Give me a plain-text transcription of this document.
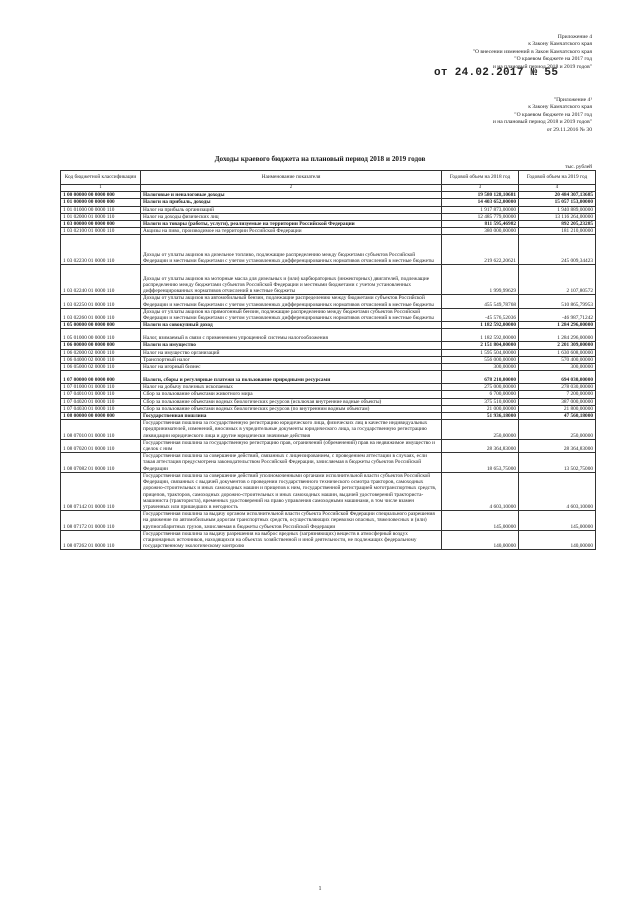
Приложение 4
к Закону Камчатского края
"О внесении изменений в Закон Камчатского края
"О краевом бюджете на 2017 год
и на плановый период 2018 и 2019 годов"
от 24.02.2017 № 55
"Приложение 4¹
к Закону Камчатского края
"О краевом бюджете на 2017 год
и на плановый период 2018 и 2019 годов"
от 29.11.2016 № 30
Доходы краевого бюджета на плановый период 2018 и 2019 годов
тыс. рублей
Код бюджетной классификации	Наименование показателя	Годовой объем на 2018 год	Годовой объем на 2019 год
1	2	3	4
1 00 00000 00 0000 000	Налоговые и неналоговые доходы	19 580 128,10681	20 484 307,13685
1 01 00000 00 0000 000	Налоги на прибыль, доходы	14 403 652,00000	15 057 153,00000
1 01 01000 00 0000 110	Налог на прибыль организаций	1 917 873,00000	1 940 889,00000
1 01 02000 01 0000 110	Налог на доходы физических лиц	12 485 779,00000	13 116 264,00000
1 03 00000 00 0000 000	Налоги на товары (работы, услуги), реализуемые на территории Российской Федерации	811 595,46982	892 205,23285
1 03 02100 01 0000 110	Акцизы на пиво, производимое на территории Российской Федерации	380 000,00000	181 210,00000
1 03 02230 01 0000 110	Доходы от уплаты акцизов на дизельное топливо, подлежащие распределению между бюджетами субъектов Российской Федерации и местными бюджетами с учетом установленных дифференцированных нормативов отчислений в местные бюджеты	219 622,20621	245 009,34423
1 03 02240 01 0000 110	Доходы от уплаты акцизов на моторные масла для дизельных и (или) карбюраторных (инжекторных) двигателей, подлежащие распределению между бюджетами субъектов Российской Федерации и местными бюджетами с учетом установленных дифференцированных нормативов отчислений в местные бюджеты	1 999,99629	2 107,80572
1 03 02250 01 0000 110	Доходы от уплаты акцизов на автомобильный бензин, подлежащие распределению между бюджетами субъектов Российской Федерации и местными бюджетами с учетом установленных дифференцированных нормативов отчислений в местные бюджеты	455 549,78768	510 865,79953
1 03 02260 01 0000 110	Доходы от уплаты акцизов на прямогонный бензин, подлежащие распределению между бюджетами субъектов Российской Федерации и местными бюджетами с учетом установленных дифференцированных нормативов отчислений в местные бюджеты	-45 576,52036	-46 987,71242
1 05 00000 00 0000 000	Налоги на совокупный доход	1 182 592,00000	1 284 296,00000
1 05 01000 00 0000 110	Налог, взимаемый в связи с применением упрощенной системы налогообложения	1 182 592,00000	1 284 296,00000
1 06 00000 00 0000 000	Налоги на имущество	2 151 804,00000	2 201 309,00000
1 06 02000 02 0000 110	Налог на имущество организаций	1 595 504,00000	1 630 608,00000
1 06 04000 02 0000 110	Транспортный налог	556 000,00000	570 400,00000
1 06 05000 02 0000 110	Налог на игорный бизнес	300,00000	300,00000
1 07 00000 00 0000 000	Налоги, сборы и регулярные платежи за пользование природными ресурсами	678 210,00000	694 030,00000
1 07 01000 01 0000 110	Налог на добычу полезных ископаемых	275 000,00000	278 030,00000
1 07 04010 01 0000 110	Сбор за пользование объектами животного мира	6 700,00000	7 200,00000
1 07 04020 01 0000 110	Сбор за пользование объектами водных биологических ресурсов (исключая внутренние водные объекты)	375 510,00000	387 000,00000
1 07 04030 01 0000 110	Сбор за пользование объектами водных биологических ресурсов (по внутренним водным объектам)	21 000,00000	21 800,00000
1 08 00000 00 0000 000	Государственная пошлина	51 936,18000	47 560,18000
1 08 07010 01 0000 110	Государственная пошлина за государственную регистрацию юридического лица, физических лиц в качестве индивидуальных предпринимателей, изменений, вносимых в учредительные документы юридического лица, за государственную регистрацию ликвидации юридического лица и другие юридически значимые действия	250,00000	250,00000
1 08 07020 01 0000 110	Государственная пошлина за государственную регистрацию прав, ограничений (обременений) прав на недвижимое имущество и сделок с ним	28 364,83000	28 364,83000
1 08 07082 01 0000 110	Государственная пошлина за совершение действий, связанных с лицензированием, с проведением аттестации в случаях, если такая аттестация предусмотрена законодательством Российской Федерации, зачисляемая в бюджеты субъектов Российской Федерации	18 653,75000	13 502,75000
1 08 07142 01 0000 110	Государственная пошлина за совершение действий уполномоченными органами исполнительной власти субъектов Российской Федерации, связанных с выдачей документов о проведении государственного технического осмотра тракторов, самоходных дорожно-строительных и иных самоходных машин и прицепов к ним, государственной регистрацией мототранспортных средств, прицепов, тракторов, самоходных дорожно-строительных и иных самоходных машин, выдачей удостоверений тракториста-машиниста (тракториста), временных удостоверений на право управления самоходными машинами, в том числе взамен утраченных или пришедших в негодность	4 603,10000	4 603,10000
1 08 07172 01 0000 110	Государственная пошлина за выдачу органом исполнительной власти субъекта Российской Федерации специального разрешения на движение по автомобильным дорогам транспортных средств, осуществляющих перевозки опасных, тяжеловесных и (или) крупногабаритных грузов, зачисляемая в бюджеты субъектов Российской Федерации	145,00000	145,00000
1 08 07262 01 0000 110	Государственная пошлина за выдачу разрешения на выброс вредных (загрязняющих) веществ в атмосферный воздух стационарных источников, находящихся на объектах хозяйственной и иной деятельности, не подлежащих федеральному государственному экологическому контролю	140,00000	140,00000
1
